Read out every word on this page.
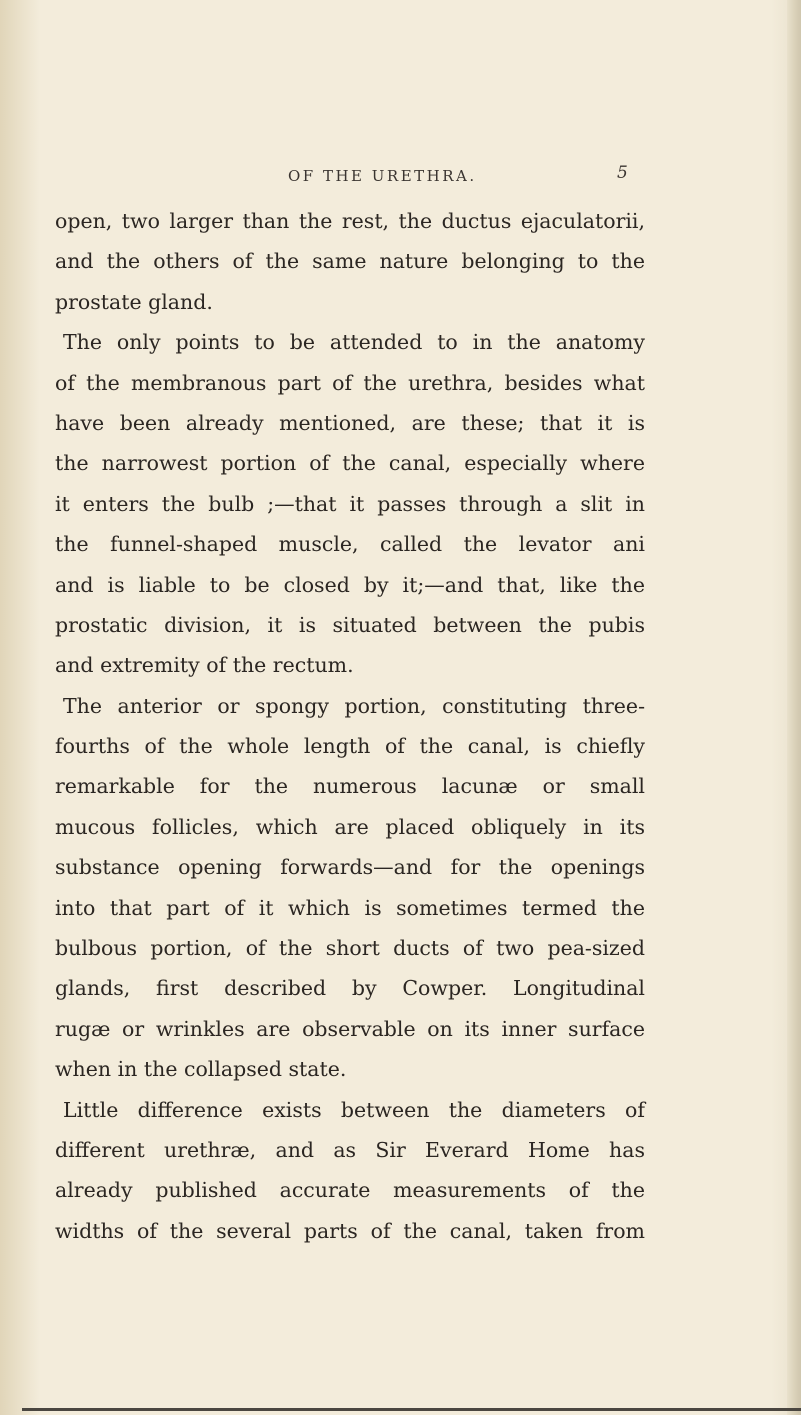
OF THE URETHRA.	5
open, two larger than the rest, the ductus ejaculatorii,
and the others of the same nature belonging to the
prostate gland.
The only points to be attended to in the anatomy
of the membranous part of the urethra, besides what
have been already mentioned, are these; that it is
the narrowest portion of the canal, especially where
it enters the bulb ;—that it passes through a slit in
the funnel-shaped muscle, called the levator ani
and is liable to be closed by it;—and that, like the
prostatic division, it is situated between the pubis
and extremity of the rectum.
The anterior or spongy portion, constituting three-
fourths of the whole length of the canal, is chiefly
remarkable for the numerous lacunæ or small
mucous follicles, which are placed obliquely in its
substance opening forwards—and for the openings
into that part of it which is sometimes termed the
bulbous portion, of the short ducts of two pea-sized
glands, first described by Cowper. Longitudinal
rugæ or wrinkles are observable on its inner surface
when in the collapsed state.
Little difference exists between the diameters of
different urethræ, and as Sir Everard Home has
already published accurate measurements of the
widths of the several parts of the canal, taken from
